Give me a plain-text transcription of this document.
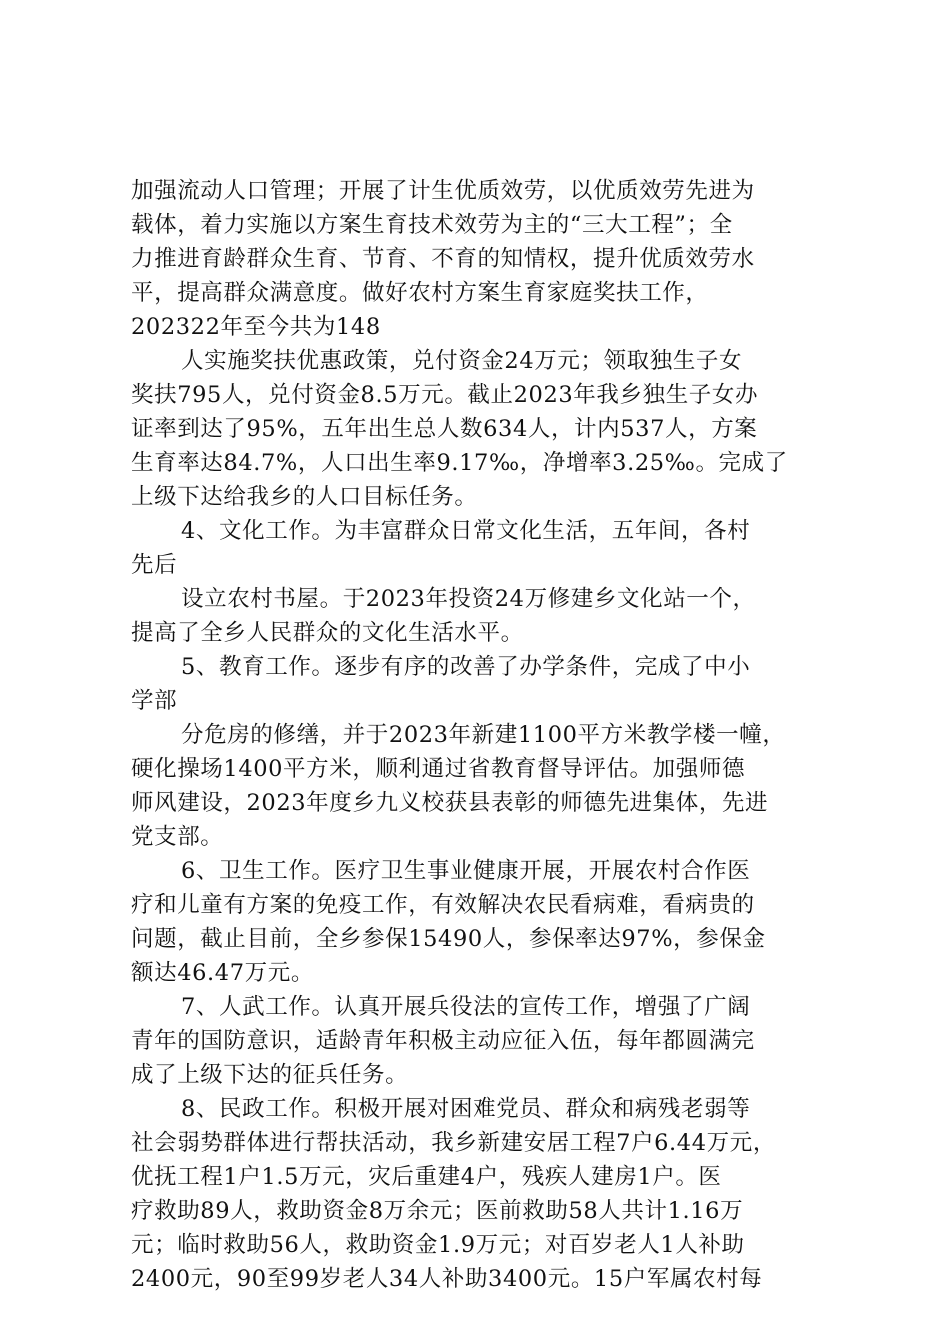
加强流动人口管理；开展了计生优质效劳，以优质效劳先进为
载体，着力实施以方案生育技术效劳为主的“三大工程”；全
力推进育龄群众生育、节育、不育的知情权，提升优质效劳水
平，提高群众满意度。做好农村方案生育家庭奖扶工作，
202322年至今共为148
人实施奖扶优惠政策，兑付资金24万元；领取独生子女
奖扶795人，兑付资金8.5万元。截止2023年我乡独生子女办
证率到达了95%，五年出生总人数634人，计内537人，方案
生育率达84.7%，人口出生率9.17‰，净增率3.25‰。完成了
上级下达给我乡的人口目标任务。
4、文化工作。为丰富群众日常文化生活，五年间，各村
先后
设立农村书屋。于2023年投资24万修建乡文化站一个，
提高了全乡人民群众的文化生活水平。
5、教育工作。逐步有序的改善了办学条件，完成了中小
学部
分危房的修缮，并于2023年新建1100平方米教学楼一幢，
硬化操场1400平方米，顺利通过省教育督导评估。加强师德
师风建设，2023年度乡九义校获县表彰的师德先进集体，先进
党支部。
6、卫生工作。医疗卫生事业健康开展，开展农村合作医
疗和儿童有方案的免疫工作，有效解决农民看病难，看病贵的
问题，截止目前，全乡参保15490人，参保率达97%，参保金
额达46.47万元。
7、人武工作。认真开展兵役法的宣传工作，增强了广阔
青年的国防意识，适龄青年积极主动应征入伍，每年都圆满完
成了上级下达的征兵任务。
8、民政工作。积极开展对困难党员、群众和病残老弱等
社会弱势群体进行帮扶活动，我乡新建安居工程7户6.44万元，
优抚工程1户1.5万元，灾后重建4户，残疾人建房1户。医
疗救助89人，救助资金8万余元；医前救助58人共计1.16万
元；临时救助56人，救助资金1.9万元；对百岁老人1人补助
2400元，90至99岁老人34人补助3400元。15户军属农村每
